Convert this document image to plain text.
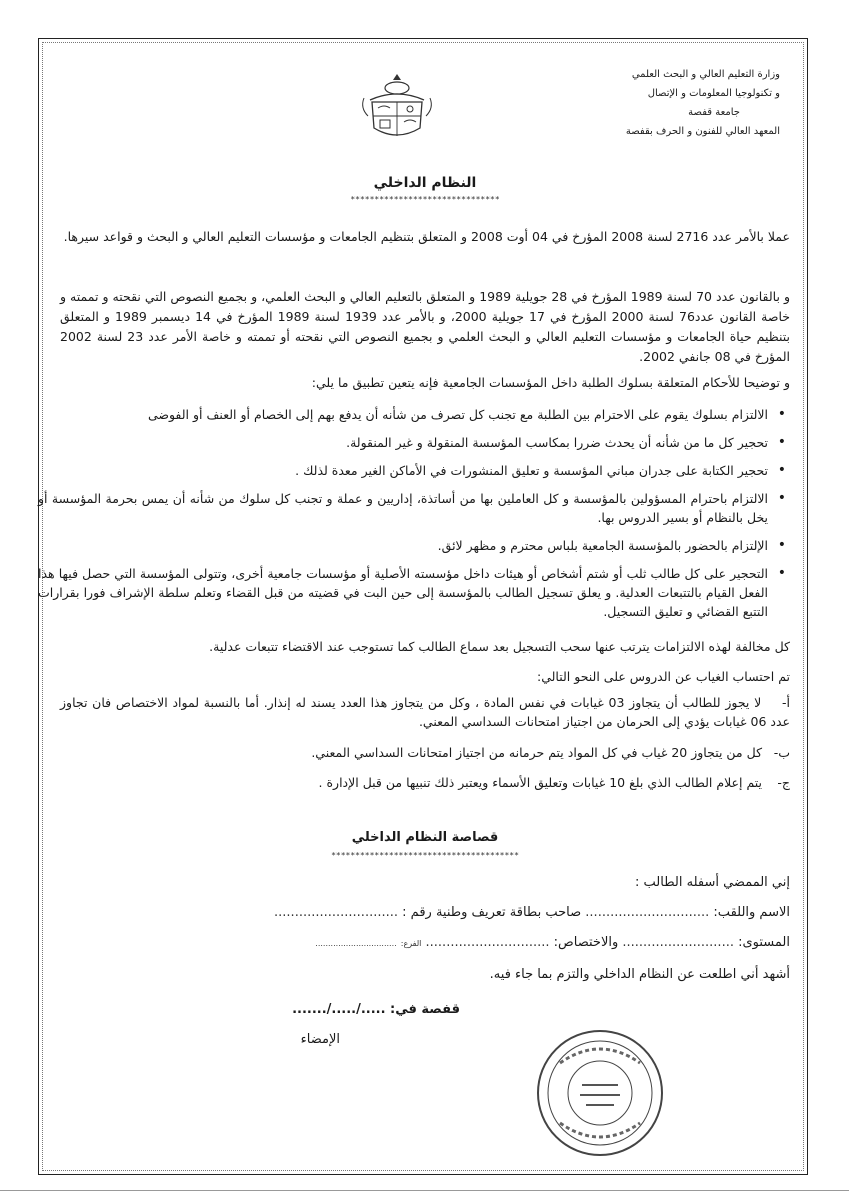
وزارة التعليم العالي و البحث العلمي
و تكنولوجيا المعلومات و الإتصال
جامعة قفصة
المعهد العالي للفنون و الحرف بقفصة
النظام الداخلي
*******************************
عملا بالأمر عدد 2716 لسنة 2008 المؤرخ في 04 أوت 2008 و المتعلق بتنظيم الجامعات و مؤسسات التعليم العالي و البحث و قواعد سيرها.
و بالقانون عدد 70 لسنة 1989 المؤرخ في 28 جويلية 1989 و المتعلق بالتعليم العالي و البحث العلمي، و بجميع النصوص التي نقحته و تممته و خاصة القانون عدد76 لسنة 2000 المؤرخ في 17 جويلية 2000، و بالأمر عدد 1939 لسنة 1989 المؤرخ في 14 ديسمبر 1989 و المتعلق بتنظيم حياة الجامعات و مؤسسات التعليم العالي و البحث العلمي و بجميع النصوص التي نقحته أو تممته و خاصة الأمر عدد 23 لسنة 2002 المؤرخ في 08 جانفي 2002.
و توضيحا للأحكام المتعلقة بسلوك الطلبة داخل المؤسسات الجامعية فإنه يتعين تطبيق ما يلي:
• الالتزام بسلوك يقوم على الاحترام بين الطلبة مع تجنب كل تصرف من شأنه أن يدفع بهم إلى الخصام أو العنف أو الفوضى
• تحجير كل ما من شأنه أن يحدث ضررا بمكاسب المؤسسة المنقولة و غير المنقولة.
• تحجير الكتابة على جدران مباني المؤسسة و تعليق المنشورات في الأماكن الغير معدة لذلك .
• الالتزام باحترام المسؤولين بالمؤسسة و كل العاملين بها من أساتذة، إداريين و عملة و تجنب كل سلوك من شأنه أن يمس بحرمة المؤسسة أو يخل بالنظام أو بسير الدروس بها.
• الإلتزام بالحضور بالمؤسسة الجامعية بلباس محترم و مظهر لائق.
• التحجير على كل طالب ثلب أو شتم أشخاص أو هيئات داخل مؤسسته الأصلية أو مؤسسات جامعية أخرى، وتتولى المؤسسة التي حصل فيها هذا الفعل القيام بالتتبعات العدلية. و يعلق تسجيل الطالب بالمؤسسة إلى حين البت في قضيته من قبل القضاء وتعلم سلطة الإشراف فورا بقرارات التتبع القضائي و تعليق التسجيل.
كل مخالفة لهذه الالتزامات يترتب عنها سحب التسجيل بعد سماع الطالب كما تستوجب عند الاقتضاء تتبعات عدلية.
تم احتساب الغياب عن الدروس على النحو التالي:
أ- لا يجوز للطالب أن يتجاوز 03 غيابات في نفس المادة ، وكل من يتجاوز هذا العدد يسند له إنذار. أما بالنسبة لمواد الاختصاص فان تجاوز عدد 06 غيابات يؤدي إلى الحرمان من اجتياز امتحانات السداسي المعني.
ب- كل من يتجاوز 20 غياب في كل المواد يتم حرمانه من اجتياز امتحانات السداسي المعني.
ج- يتم إعلام الطالب الذي بلغ 10 غيابات وتعليق الأسماء ويعتبر ذلك تنبيها من قبل الإدارة .
قصاصة النظام الداخلي
***************************************
إني الممضي أسفله الطالب :
الاسم واللقب: .............................. صاحب بطاقة تعريف وطنية رقم : ..............................
المستوى: ........................... والاختصاص: .............................. الفرع: ................................
أشهد أني اطلعت عن النظام الداخلي والتزم بما جاء فيه.
قفصة في: ...../...../.......
الإمضاء
